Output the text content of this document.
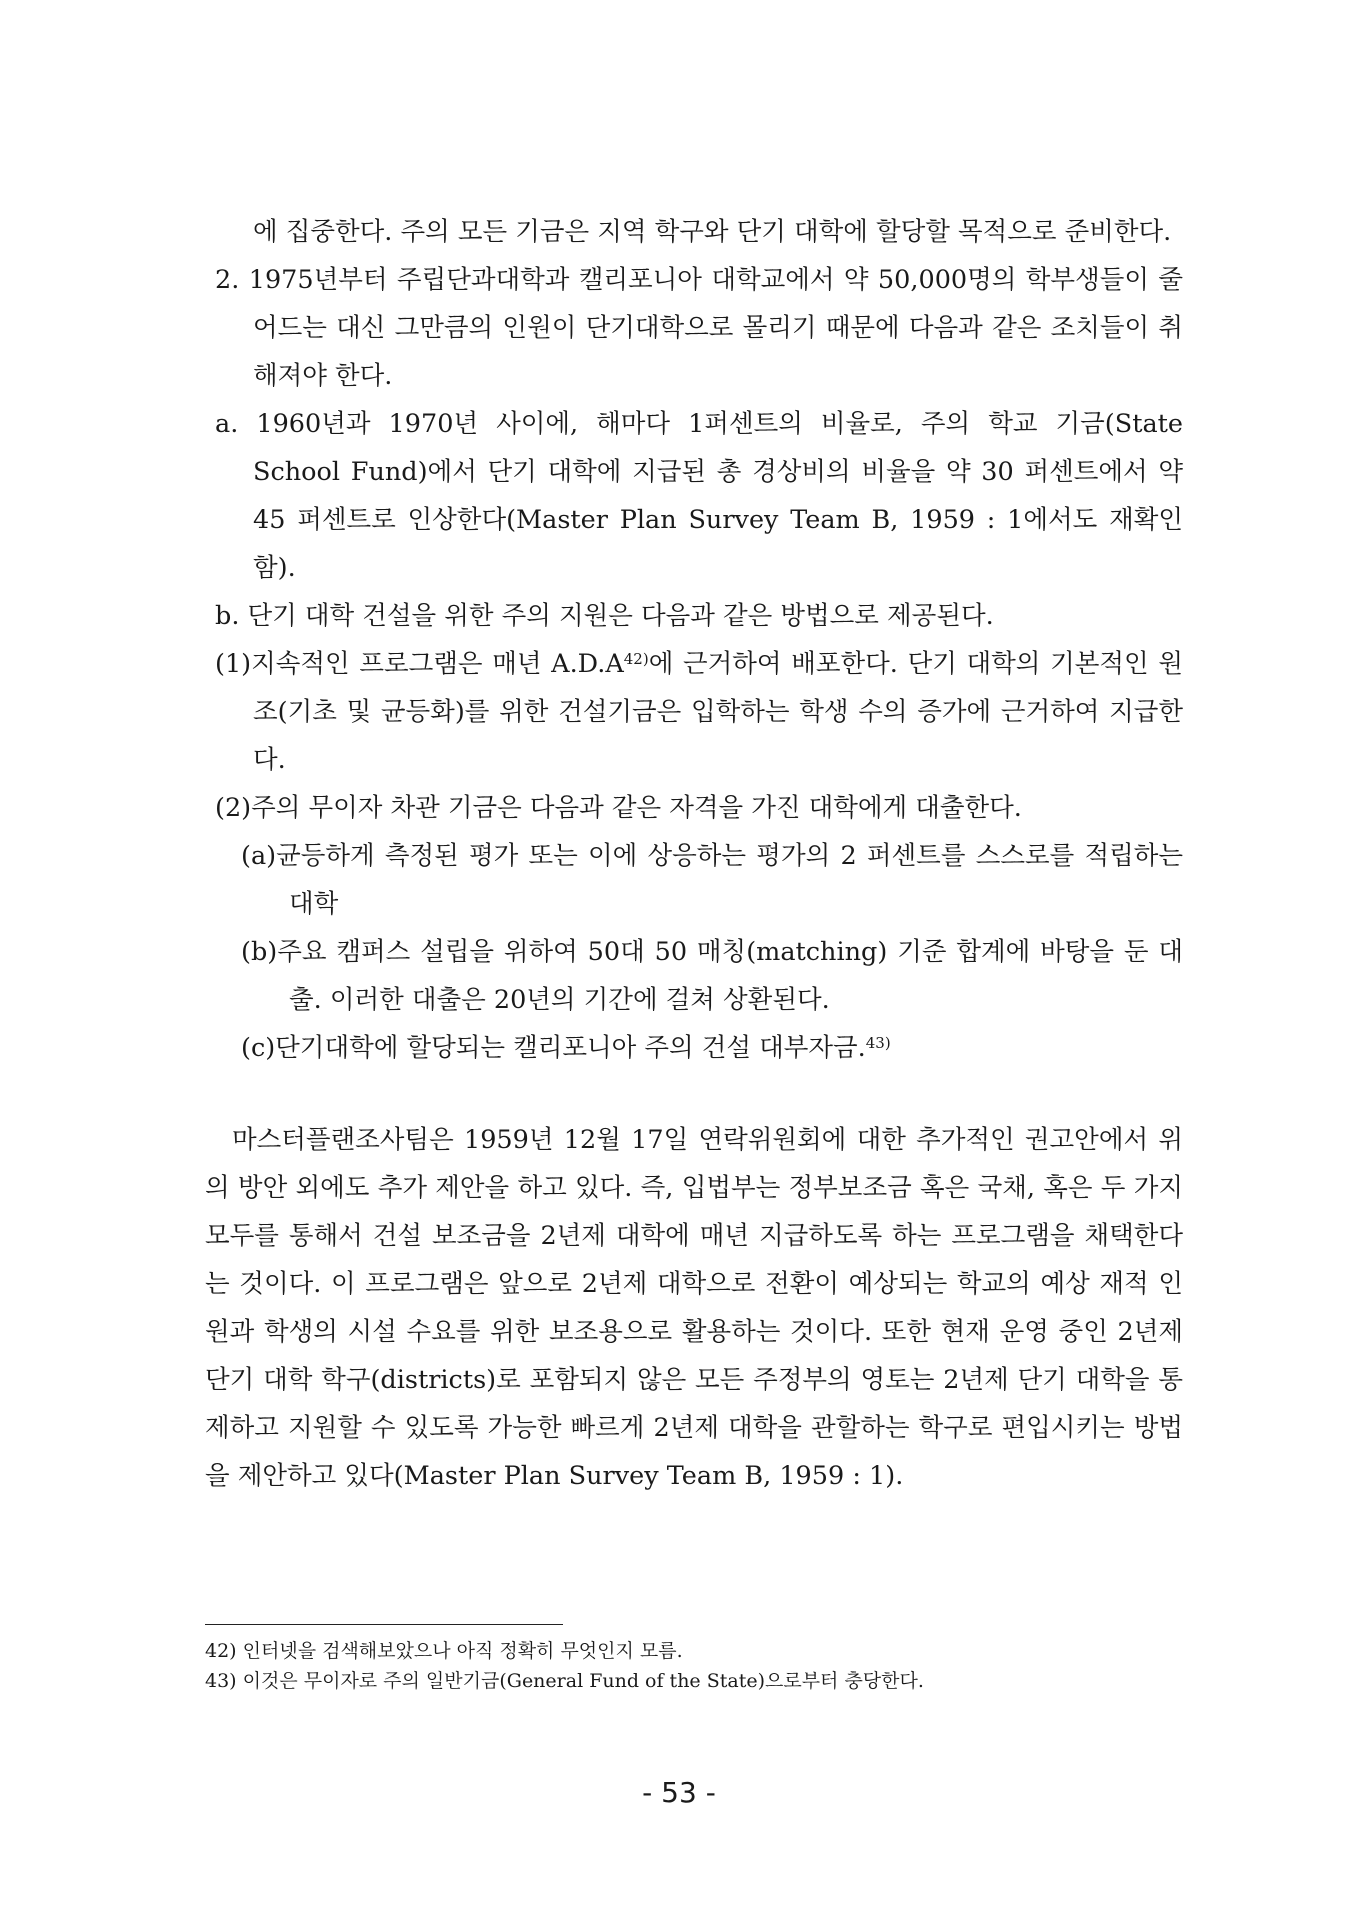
에 집중한다. 주의 모든 기금은 지역 학구와 단기 대학에 할당할 목적으로 준비한다.

2. 1975년부터 주립단과대학과 캘리포니아 대학교에서 약 50,000명의 학부생들이 줄어드는 대신 그만큼의 인원이 단기대학으로 몰리기 때문에 다음과 같은 조치들이 취해져야 한다.

a. 1960년과 1970년 사이에, 해마다 1퍼센트의 비율로, 주의 학교 기금(State School Fund)에서 단기 대학에 지급된 총 경상비의 비율을 약 30 퍼센트에서 약 45 퍼센트로 인상한다(Master Plan Survey Team B, 1959 : 1에서도 재확인함).

b. 단기 대학 건설을 위한 주의 지원은 다음과 같은 방법으로 제공된다.

(1)지속적인 프로그램은 매년 $A.D.A^{42)}$에 근거하여 배포한다. 단기 대학의 기본적인 원조(기초 및 균등화)를 위한 건설기금은 입학하는 학생 수의 증가에 근거하여 지급한다.

(2)주의 무이자 차관 기금은 다음과 같은 자격을 가진 대학에게 대출한다.

(a)균등하게 측정된 평가 또는 이에 상응하는 평가의 2 퍼센트를 스스로를 적립하는 대학

(b)주요 캠퍼스 설립을 위하여 50대 50 매칭(matching) 기준 합계에 바탕을 둔 대출. 이러한 대출은 20년의 기간에 걸쳐 상환된다.

(c)단기대학에 할당되는 캘리포니아 주의 건설 대부자금.$^{43)}$

마스터플랜조사팀은 1959년 12월 17일 연락위원회에 대한 추가적인 권고안에서 위의 방안 외에도 추가 제안을 하고 있다. 즉, 입법부는 정부보조금 혹은 국채, 혹은 두 가지 모두를 통해서 건설 보조금을 2년제 대학에 매년 지급하도록 하는 프로그램을 채택한다는 것이다. 이 프로그램은 앞으로 2년제 대학으로 전환이 예상되는 학교의 예상 재적 인원과 학생의 시설 수요를 위한 보조용으로 활용하는 것이다. 또한 현재 운영 중인 2년제 단기 대학 학구(districts)로 포함되지 않은 모든 주정부의 영토는 2년제 단기 대학을 통제하고 지원할 수 있도록 가능한 빠르게 2년제 대학을 관할하는 학구로 편입시키는 방법을 제안하고 있다(Master Plan Survey Team B, 1959 : 1).

42) 인터넷을 검색해보았으나 아직 정확히 무엇인지 모름.

43) 이것은 무이자로 주의 일반기금(General Fund of the State)으로부터 충당한다.

- 53 -
